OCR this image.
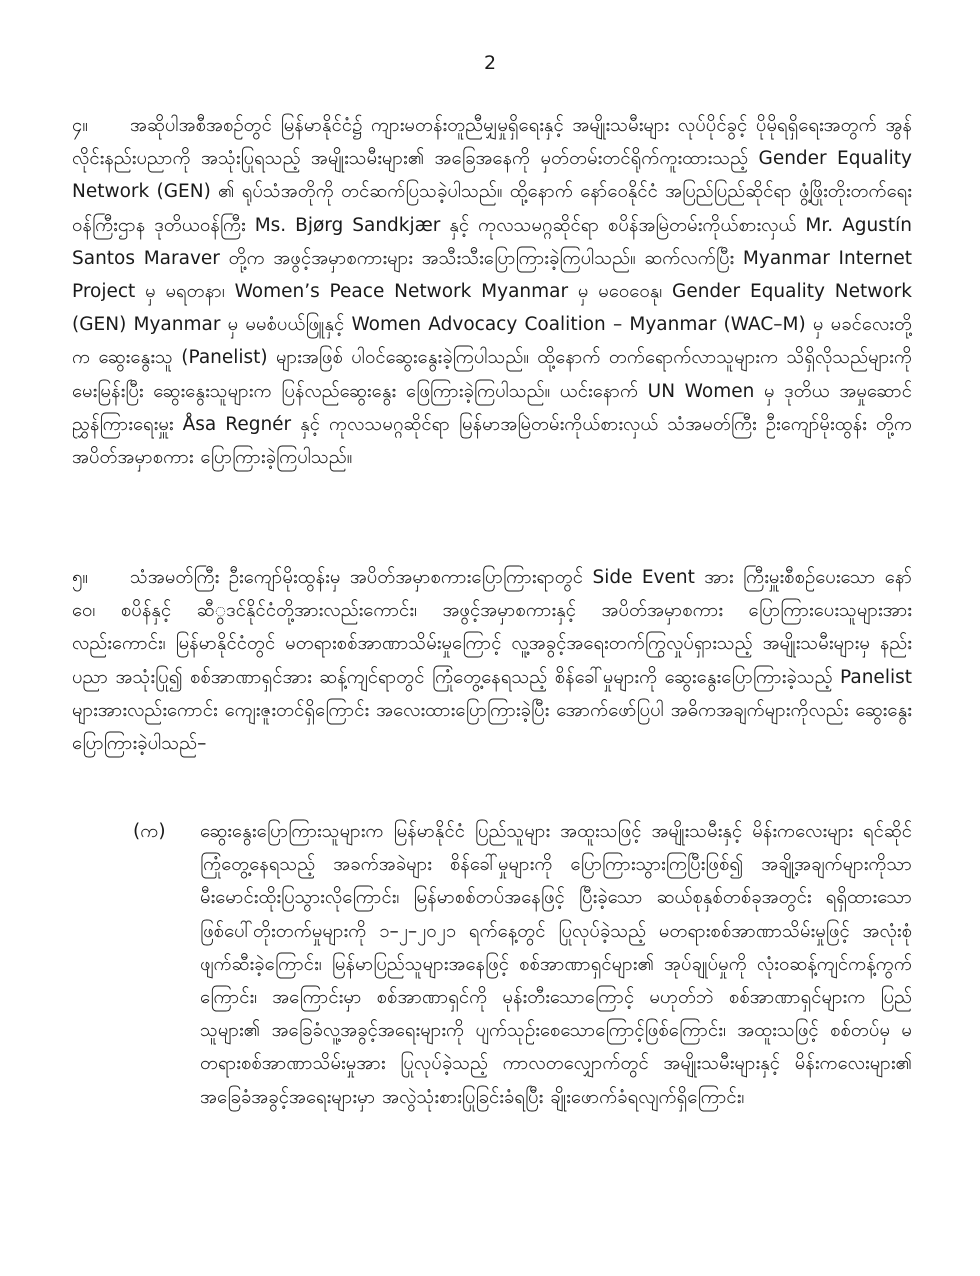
2
၄။ အဆိုပါအစီအစဉ်တွင် မြန်မာနိုင်ငံ၌ ကျားမတန်းတူညီမျှမှုရှိရေးနှင့် အမျိုးသမီးများ လုပ်ပိုင်ခွင့် ပိုမိုရရှိရေးအတွက် အွန်လိုင်းနည်းပညာကို အသုံးပြုရသည့် အမျိုးသမီးများ၏ အခြေအနေကို မှတ်တမ်းတင်ရိုက်ကူးထားသည့် Gender Equality Network (GEN) ၏ ရုပ်သံအတိုကို တင်ဆက်ပြသခဲ့ပါသည်။ ထို့နောက် နော်ဝေနိုင်ငံ အပြည်ပြည်ဆိုင်ရာ ဖွံ့ဖြိုးတိုးတက်ရေးဝန်ကြီးဌာန ဒုတိယဝန်ကြီး Ms. Bjørg Sandkjær နှင့် ကုလသမဂ္ဂဆိုင်ရာ စပိန်အမြဲတမ်းကိုယ်စားလှယ် Mr. Agustín Santos Maraver တို့က အဖွင့်အမှာစကားများ အသီးသီးပြောကြားခဲ့ကြပါသည်။ ဆက်လက်ပြီး Myanmar Internet Project မှ မရတနာ၊ Women’s Peace Network Myanmar မှ မဝေဝေနု၊ Gender Equality Network (GEN) Myanmar မှ မမစံပယ်ဖြူနှင့် Women Advocacy Coalition – Myanmar (WAC–M) မှ မခင်လေးတို့က ဆွေးနွေးသူ (Panelist) များအဖြစ် ပါဝင်ဆွေးနွေးခဲ့ကြပါသည်။ ထို့နောက် တက်ရောက်လာသူများက သိရှိလိုသည်များကို မေးမြန်းပြီး ဆွေးနွေးသူများက ပြန်လည်ဆွေးနွေး ဖြေကြားခဲ့ကြပါသည်။ ယင်းနောက် UN Women မှ ဒုတိယ အမှုဆောင်ညွှန်ကြားရေးမှူး Åsa Regnér နှင့် ကုလသမဂ္ဂဆိုင်ရာ မြန်မာအမြဲတမ်းကိုယ်စားလှယ် သံအမတ်ကြီး ဦးကျော်မိုးထွန်း တို့က အပိတ်အမှာစကား ပြောကြားခဲ့ကြပါသည်။
၅။ သံအမတ်ကြီး ဦးကျော်မိုးထွန်းမှ အပိတ်အမှာစကားပြောကြားရာတွင် Side Event အား ကြီးမှူးစီစဉ်ပေးသော နော်ဝေ၊ စပိန်နှင့် ဆီွဒင်နိုင်ငံတို့အားလည်းကောင်း၊ အဖွင့်အမှာစကားနှင့် အပိတ်အမှာစကား ပြောကြားပေးသူများအားလည်းကောင်း၊ မြန်မာနိုင်ငံတွင် မတရားစစ်အာဏာသိမ်းမှုကြောင့် လူ့အခွင့်အရေးတက်ကြွလှုပ်ရှားသည့် အမျိုးသမီးများမှ နည်းပညာ အသုံးပြု၍ စစ်အာဏာရှင်အား ဆန့်ကျင်ရာတွင် ကြုံတွေ့နေရသည့် စိန်ခေါ်မှုများကို ဆွေးနွေးပြောကြားခဲ့သည့် Panelist များအားလည်းကောင်း ကျေးဇူးတင်ရှိကြောင်း အလေးထားပြောကြားခဲ့ပြီး အောက်ဖော်ပြပါ အဓိကအချက်များကိုလည်း ဆွေးနွေးပြောကြားခဲ့ပါသည်–
(က) ဆွေးနွေးပြောကြားသူများက မြန်မာနိုင်ငံ ပြည်သူများ အထူးသဖြင့် အမျိုးသမီးနှင့် မိန်းကလေးများ ရင်ဆိုင်ကြုံတွေ့နေရသည့် အခက်အခဲများ စိန်ခေါ်မှုများကို ပြောကြားသွားကြပြီးဖြစ်၍ အချို့အချက်များကိုသာ မီးမောင်းထိုးပြသွားလိုကြောင်း၊ မြန်မာစစ်တပ်အနေဖြင့် ပြီးခဲ့သော ဆယ်စုနှစ်တစ်ခုအတွင်း ရရှိထားသော ဖြစ်ပေါ်တိုးတက်မှုများကို ၁–၂–၂၀၂၁ ရက်နေ့တွင် ပြုလုပ်ခဲ့သည့် မတရားစစ်အာဏာသိမ်းမှုဖြင့် အလုံးစုံဖျက်ဆီးခဲ့ကြောင်း၊ မြန်မာပြည်သူများအနေဖြင့် စစ်အာဏာရှင်များ၏ အုပ်ချုပ်မှုကို လုံးဝဆန့်ကျင်ကန့်ကွက်ကြောင်း၊ အကြောင်းမှာ စစ်အာဏာရှင်ကို မုန်းတီးသောကြောင့် မဟုတ်ဘဲ စစ်အာဏာရှင်များက ပြည်သူများ၏ အခြေခံလူ့အခွင့်အရေးများကို ပျက်သုဉ်းစေသောကြောင့်ဖြစ်ကြောင်း၊ အထူးသဖြင့် စစ်တပ်မှ မတရားစစ်အာဏာသိမ်းမှုအား ပြုလုပ်ခဲ့သည့် ကာလတလျှောက်တွင် အမျိုးသမီးများနှင့် မိန်းကလေးများ၏ အခြေခံအခွင့်အရေးများမှာ အလွဲသုံးစားပြုခြင်းခံရပြီး ချိုးဖောက်ခံရလျက်ရှိကြောင်း၊
